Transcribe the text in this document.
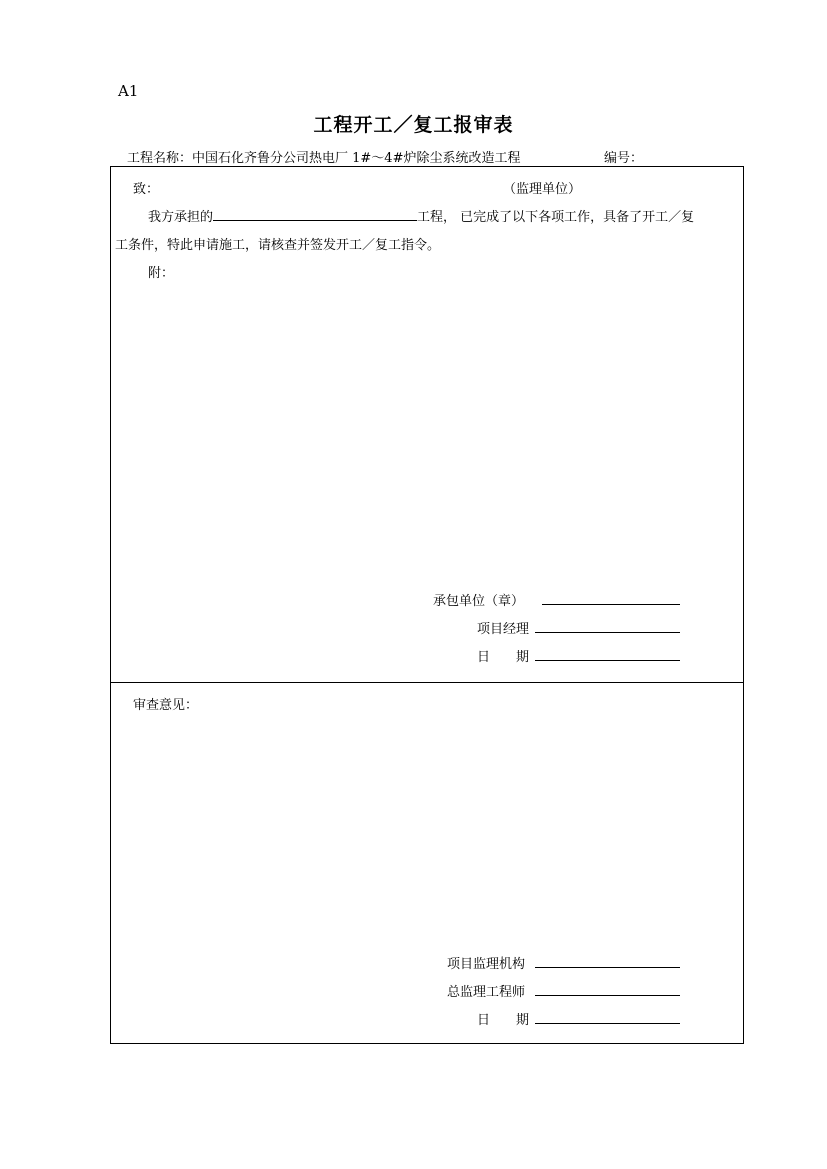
A1
工程开工／复工报审表
工程名称：中国石化齐鲁分公司热电厂 1#～4#炉除尘系统改造工程	编号：
致：	（监理单位）
我方承担的	工程， 已完成了以下各项工作，具备了开工／复
工条件，特此申请施工，请核查并签发开工／复工指令。
附：
承包单位（章）
项目经理
日　　期
审查意见：
项目监理机构
总监理工程师
日　　期
